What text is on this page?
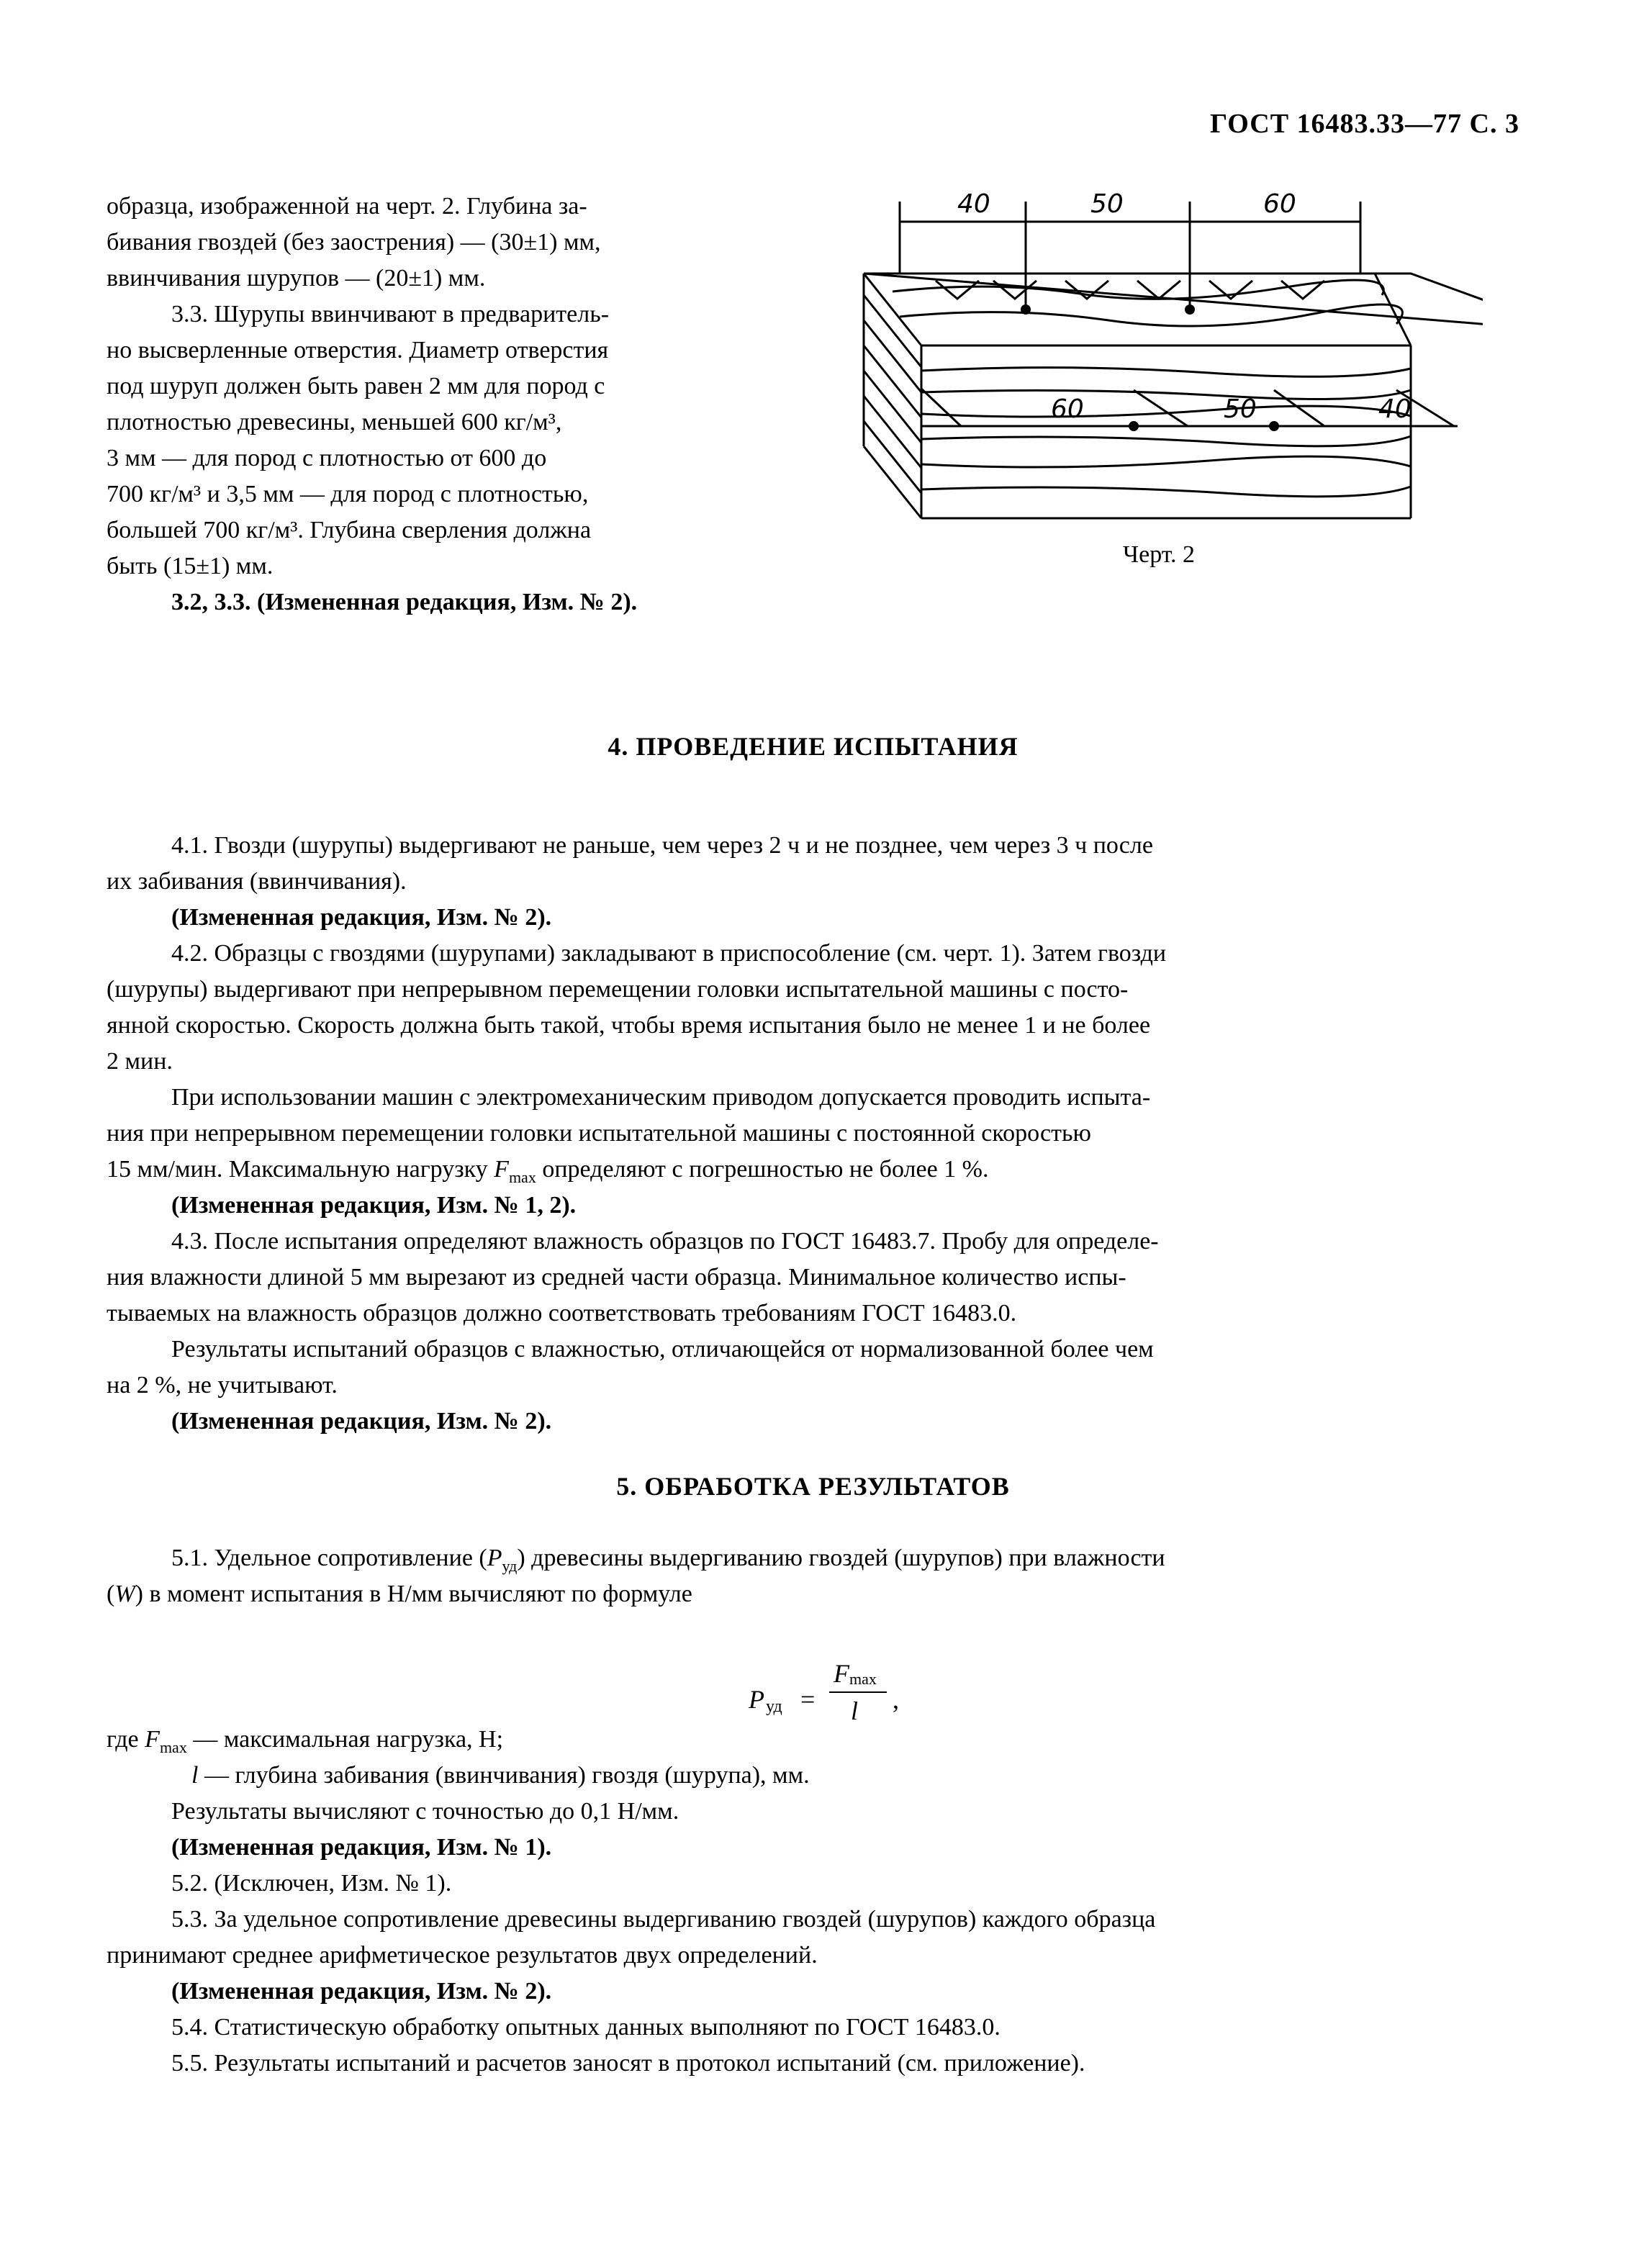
ГОСТ 16483.33—77 С. 3
образца, изображенной на черт. 2. Глубина за-
бивания гвоздей (без заострения) — (30±1) мм,
ввинчивания шурупов — (20±1) мм.
3.3. Шурупы ввинчивают в предваритель-
но высверленные отверстия. Диаметр отверстия
под шуруп должен быть равен 2 мм для пород с
плотностью древесины, меньшей 600 кг/м³,
3 мм — для пород с плотностью от 600 до
700 кг/м³ и 3,5 мм — для пород с плотностью,
большей 700 кг/м³. Глубина сверления должна
быть (15±1) мм.
3.2, 3.3. (Измененная редакция, Изм. № 2).
40	50	60
60	50	40
Черт. 2
4. ПРОВЕДЕНИЕ ИСПЫТАНИЯ
4.1. Гвозди (шурупы) выдергивают не раньше, чем через 2 ч и не позднее, чем через 3 ч после
их забивания (ввинчивания).
(Измененная редакция, Изм. № 2).
4.2. Образцы с гвоздями (шурупами) закладывают в приспособление (см. черт. 1). Затем гвозди
(шурупы) выдергивают при непрерывном перемещении головки испытательной машины с посто-
янной скоростью. Скорость должна быть такой, чтобы время испытания было не менее 1 и не более
2 мин.
При использовании машин с электромеханическим приводом допускается проводить испыта-
ния при непрерывном перемещении головки испытательной машины с постоянной скоростью
15 мм/мин. Максимальную нагрузку $F_{max}$ определяют с погрешностью не более 1 %.
(Измененная редакция, Изм. № 1, 2).
4.3. После испытания определяют влажность образцов по ГОСТ 16483.7. Пробу для определе-
ния влажности длиной 5 мм вырезают из средней части образца. Минимальное количество испы-
тываемых на влажность образцов должно соответствовать требованиям ГОСТ 16483.0.
Результаты испытаний образцов с влажностью, отличающейся от нормализованной более чем
на 2 %, не учитывают.
(Измененная редакция, Изм. № 2).
5. ОБРАБОТКА РЕЗУЛЬТАТОВ
5.1. Удельное сопротивление $(P_{уд})$ древесины выдергиванию гвоздей (шурупов) при влажности
(W) в момент испытания в Н/мм вычисляют по формуле
P уд =
F max
l ,
где $F_{max}$ — максимальная нагрузка, Н;
l — глубина забивания (ввинчивания) гвоздя (шурупа), мм.
Результаты вычисляют с точностью до 0,1 Н/мм.
(Измененная редакция, Изм. № 1).
5.2. (Исключен, Изм. № 1).
5.3. За удельное сопротивление древесины выдергиванию гвоздей (шурупов) каждого образца
принимают среднее арифметическое результатов двух определений.
(Измененная редакция, Изм. № 2).
5.4. Статистическую обработку опытных данных выполняют по ГОСТ 16483.0.
5.5. Результаты испытаний и расчетов заносят в протокол испытаний (см. приложение).
